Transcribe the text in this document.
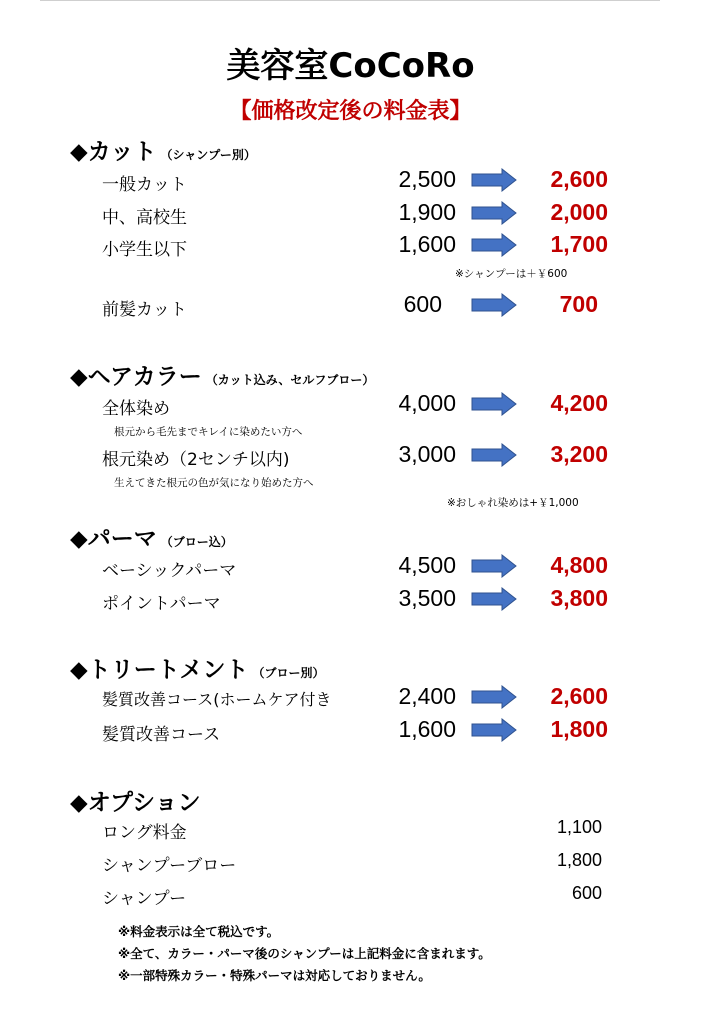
美容室CoCoRo
【価格改定後の料金表】
◆カット （シャンプー別）
一般カット	2,500	2,600
中、高校生	1,900	2,000
小学生以下	1,600	1,700
※シャンプーは＋￥600
前髪カット	600	700
◆ヘアカラー （カット込み、セルフブロー）
全体染め	4,000	4,200
根元から毛先までキレイに染めたい方へ
根元染め（2センチ以内)	3,000	3,200
生えてきた根元の色が気になり始めた方へ
※おしゃれ染めは+￥1,000
◆パーマ （ブロー込）
ベーシックパーマ	4,500	4,800
ポイントパーマ	3,500	3,800
◆トリートメント （ブロー別）
髪質改善コース(ホームケア付き	2,400	2,600
髪質改善コース	1,600	1,800
◆オプション
ロング料金	1,100
シャンプーブロー	1,800
シャンプー	600
※料金表示は全て税込です。
※全て、カラー・パーマ後のシャンプーは上記料金に含まれます。
※一部特殊カラー・特殊パーマは対応しておりません。
